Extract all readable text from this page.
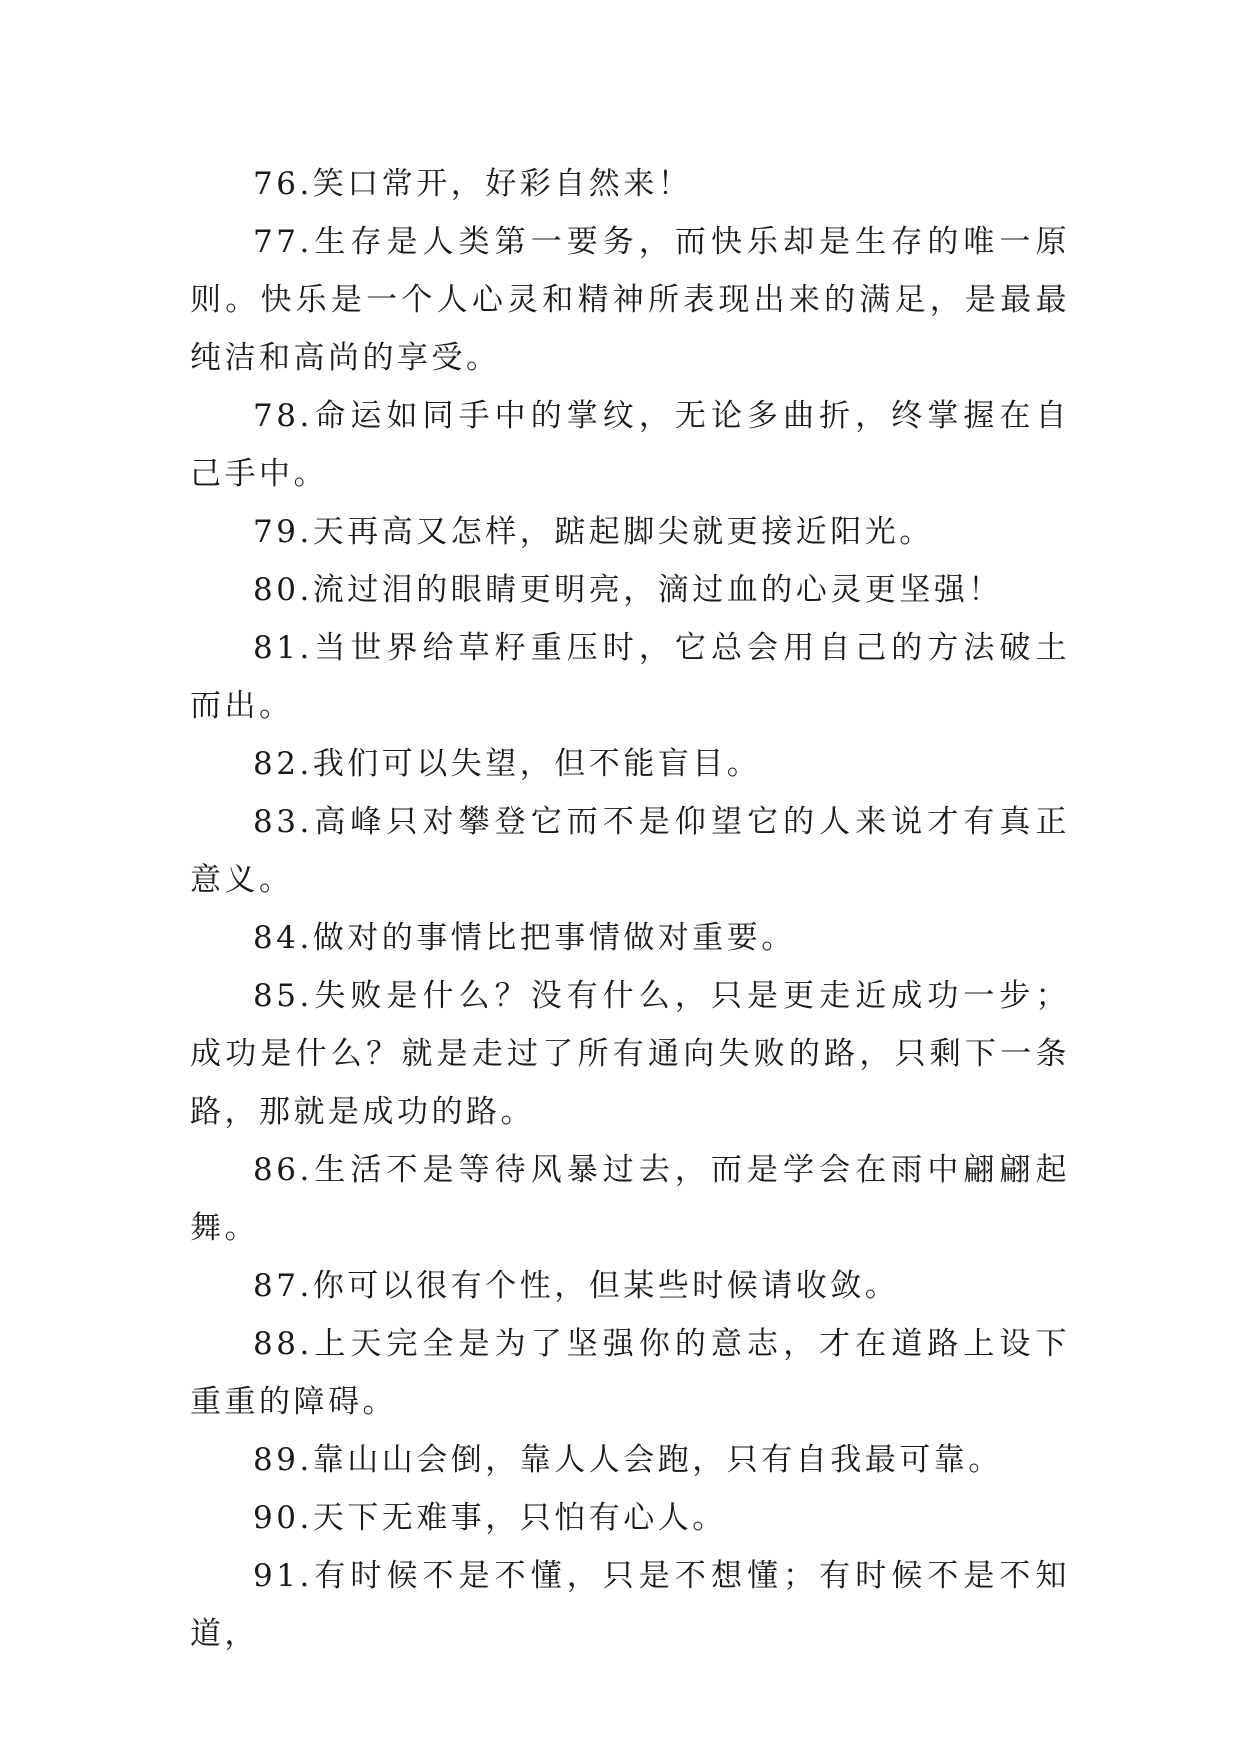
76.笑口常开，好彩自然来！

77.生存是人类第一要务，而快乐却是生存的唯一原则。快乐是一个人心灵和精神所表现出来的满足，是最最纯洁和高尚的享受。

78.命运如同手中的掌纹，无论多曲折，终掌握在自己手中。

79.天再高又怎样，踮起脚尖就更接近阳光。

80.流过泪的眼睛更明亮，滴过血的心灵更坚强！

81.当世界给草籽重压时，它总会用自己的方法破土而出。

82.我们可以失望，但不能盲目。

83.高峰只对攀登它而不是仰望它的人来说才有真正意义。

84.做对的事情比把事情做对重要。

85.失败是什么？没有什么，只是更走近成功一步；成功是什么？就是走过了所有通向失败的路，只剩下一条路，那就是成功的路。

86.生活不是等待风暴过去，而是学会在雨中翩翩起舞。

87.你可以很有个性，但某些时候请收敛。

88.上天完全是为了坚强你的意志，才在道路上设下重重的障碍。

89.靠山山会倒，靠人人会跑，只有自我最可靠。

90.天下无难事，只怕有心人。

91.有时候不是不懂，只是不想懂；有时候不是不知道，
